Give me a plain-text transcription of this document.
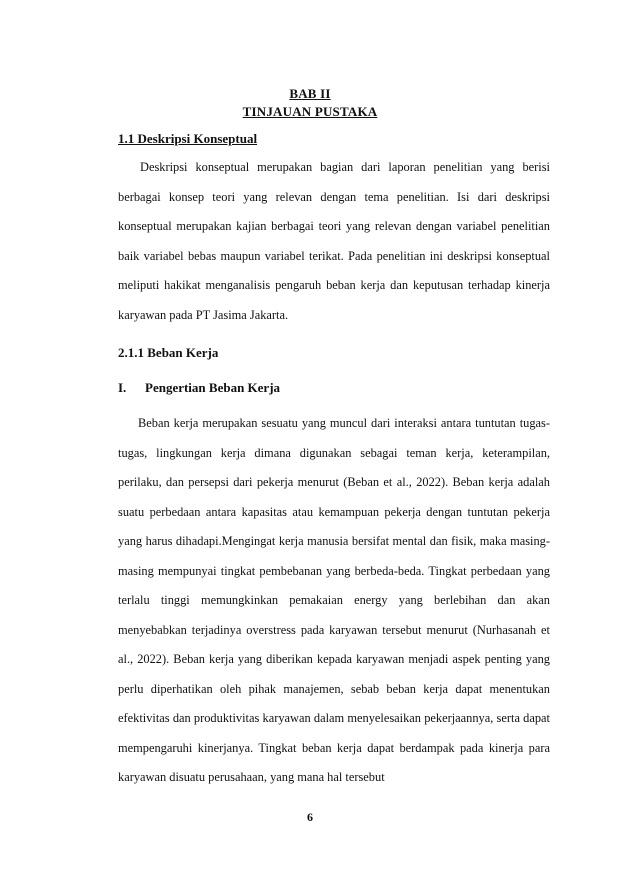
BAB II
TINJAUAN PUSTAKA
1.1 Deskripsi Konseptual

Deskripsi konseptual merupakan bagian dari laporan penelitian yang berisi berbagai konsep teori yang relevan dengan tema penelitian. Isi dari deskripsi konseptual merupakan kajian berbagai teori yang relevan dengan variabel penelitian baik variabel bebas maupun variabel terikat. Pada penelitian ini deskripsi konseptual meliputi hakikat menganalisis pengaruh beban kerja dan keputusan terhadap kinerja karyawan pada PT Jasima Jakarta.

2.1.1 Beban Kerja
I. Pengertian Beban Kerja

Beban kerja merupakan sesuatu yang muncul dari interaksi antara tuntutan tugas-tugas, lingkungan kerja dimana digunakan sebagai teman kerja, keterampilan, perilaku, dan persepsi dari pekerja menurut (Beban et al., 2022). Beban kerja adalah suatu perbedaan antara kapasitas atau kemampuan pekerja dengan tuntutan pekerja yang harus dihadapi.Mengingat kerja manusia bersifat mental dan fisik, maka masing-masing mempunyai tingkat pembebanan yang berbeda-beda. Tingkat perbedaan yang terlalu tinggi memungkinkan pemakaian energy yang berlebihan dan akan menyebabkan terjadinya overstress pada karyawan tersebut menurut (Nurhasanah et al., 2022). Beban kerja yang diberikan kepada karyawan menjadi aspek penting yang perlu diperhatikan oleh pihak manajemen, sebab beban kerja dapat menentukan efektivitas dan produktivitas karyawan dalam menyelesaikan pekerjaannya, serta dapat mempengaruhi kinerjanya. Tingkat beban kerja dapat berdampak pada kinerja para karyawan disuatu perusahaan, yang mana hal tersebut

6
